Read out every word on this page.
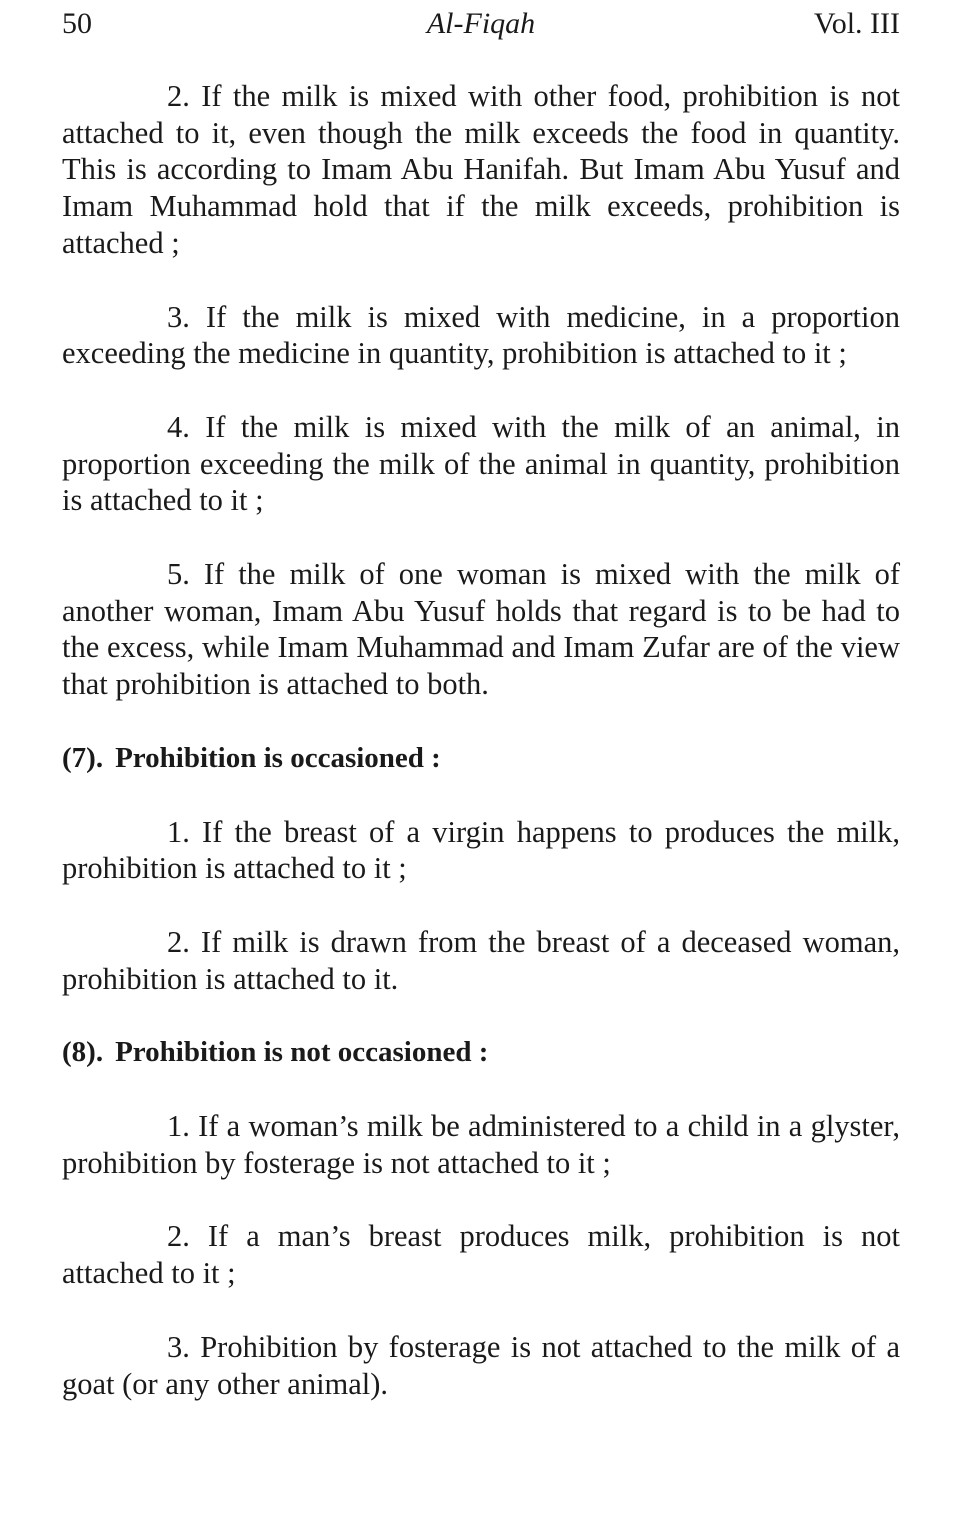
50	Al-Fiqah	Vol. III

2. If the milk is mixed with other food, prohibition is not attached to it, even though the milk exceeds the food in quantity. This is according to Imam Abu Hanifah. But Imam Abu Yusuf and Imam Muhammad hold that if the milk exceeds, prohibition is attached ;

3. If the milk is mixed with medicine, in a proportion exceeding the medicine in quantity, prohibition is attached to it ;

4. If the milk is mixed with the milk of an animal, in proportion exceeding the milk of the animal in quantity, prohibition is attached to it ;

5. If the milk of one woman is mixed with the milk of another woman, Imam Abu Yusuf holds that regard is to be had to the excess, while Imam Muhammad and Imam Zufar are of the view that prohibition is attached to both.

(7). Prohibition is occasioned :

1. If the breast of a virgin happens to produces the milk, prohibition is attached to it ;

2. If milk is drawn from the breast of a deceased woman, prohibition is attached to it.

(8). Prohibition is not occasioned :

1. If a woman’s milk be administered to a child in a glyster, prohibition by fosterage is not attached to it ;

2. If a man’s breast produces milk, prohibition is not attached to it ;

3. Prohibition by fosterage is not attached to the milk of a goat (or any other animal).
